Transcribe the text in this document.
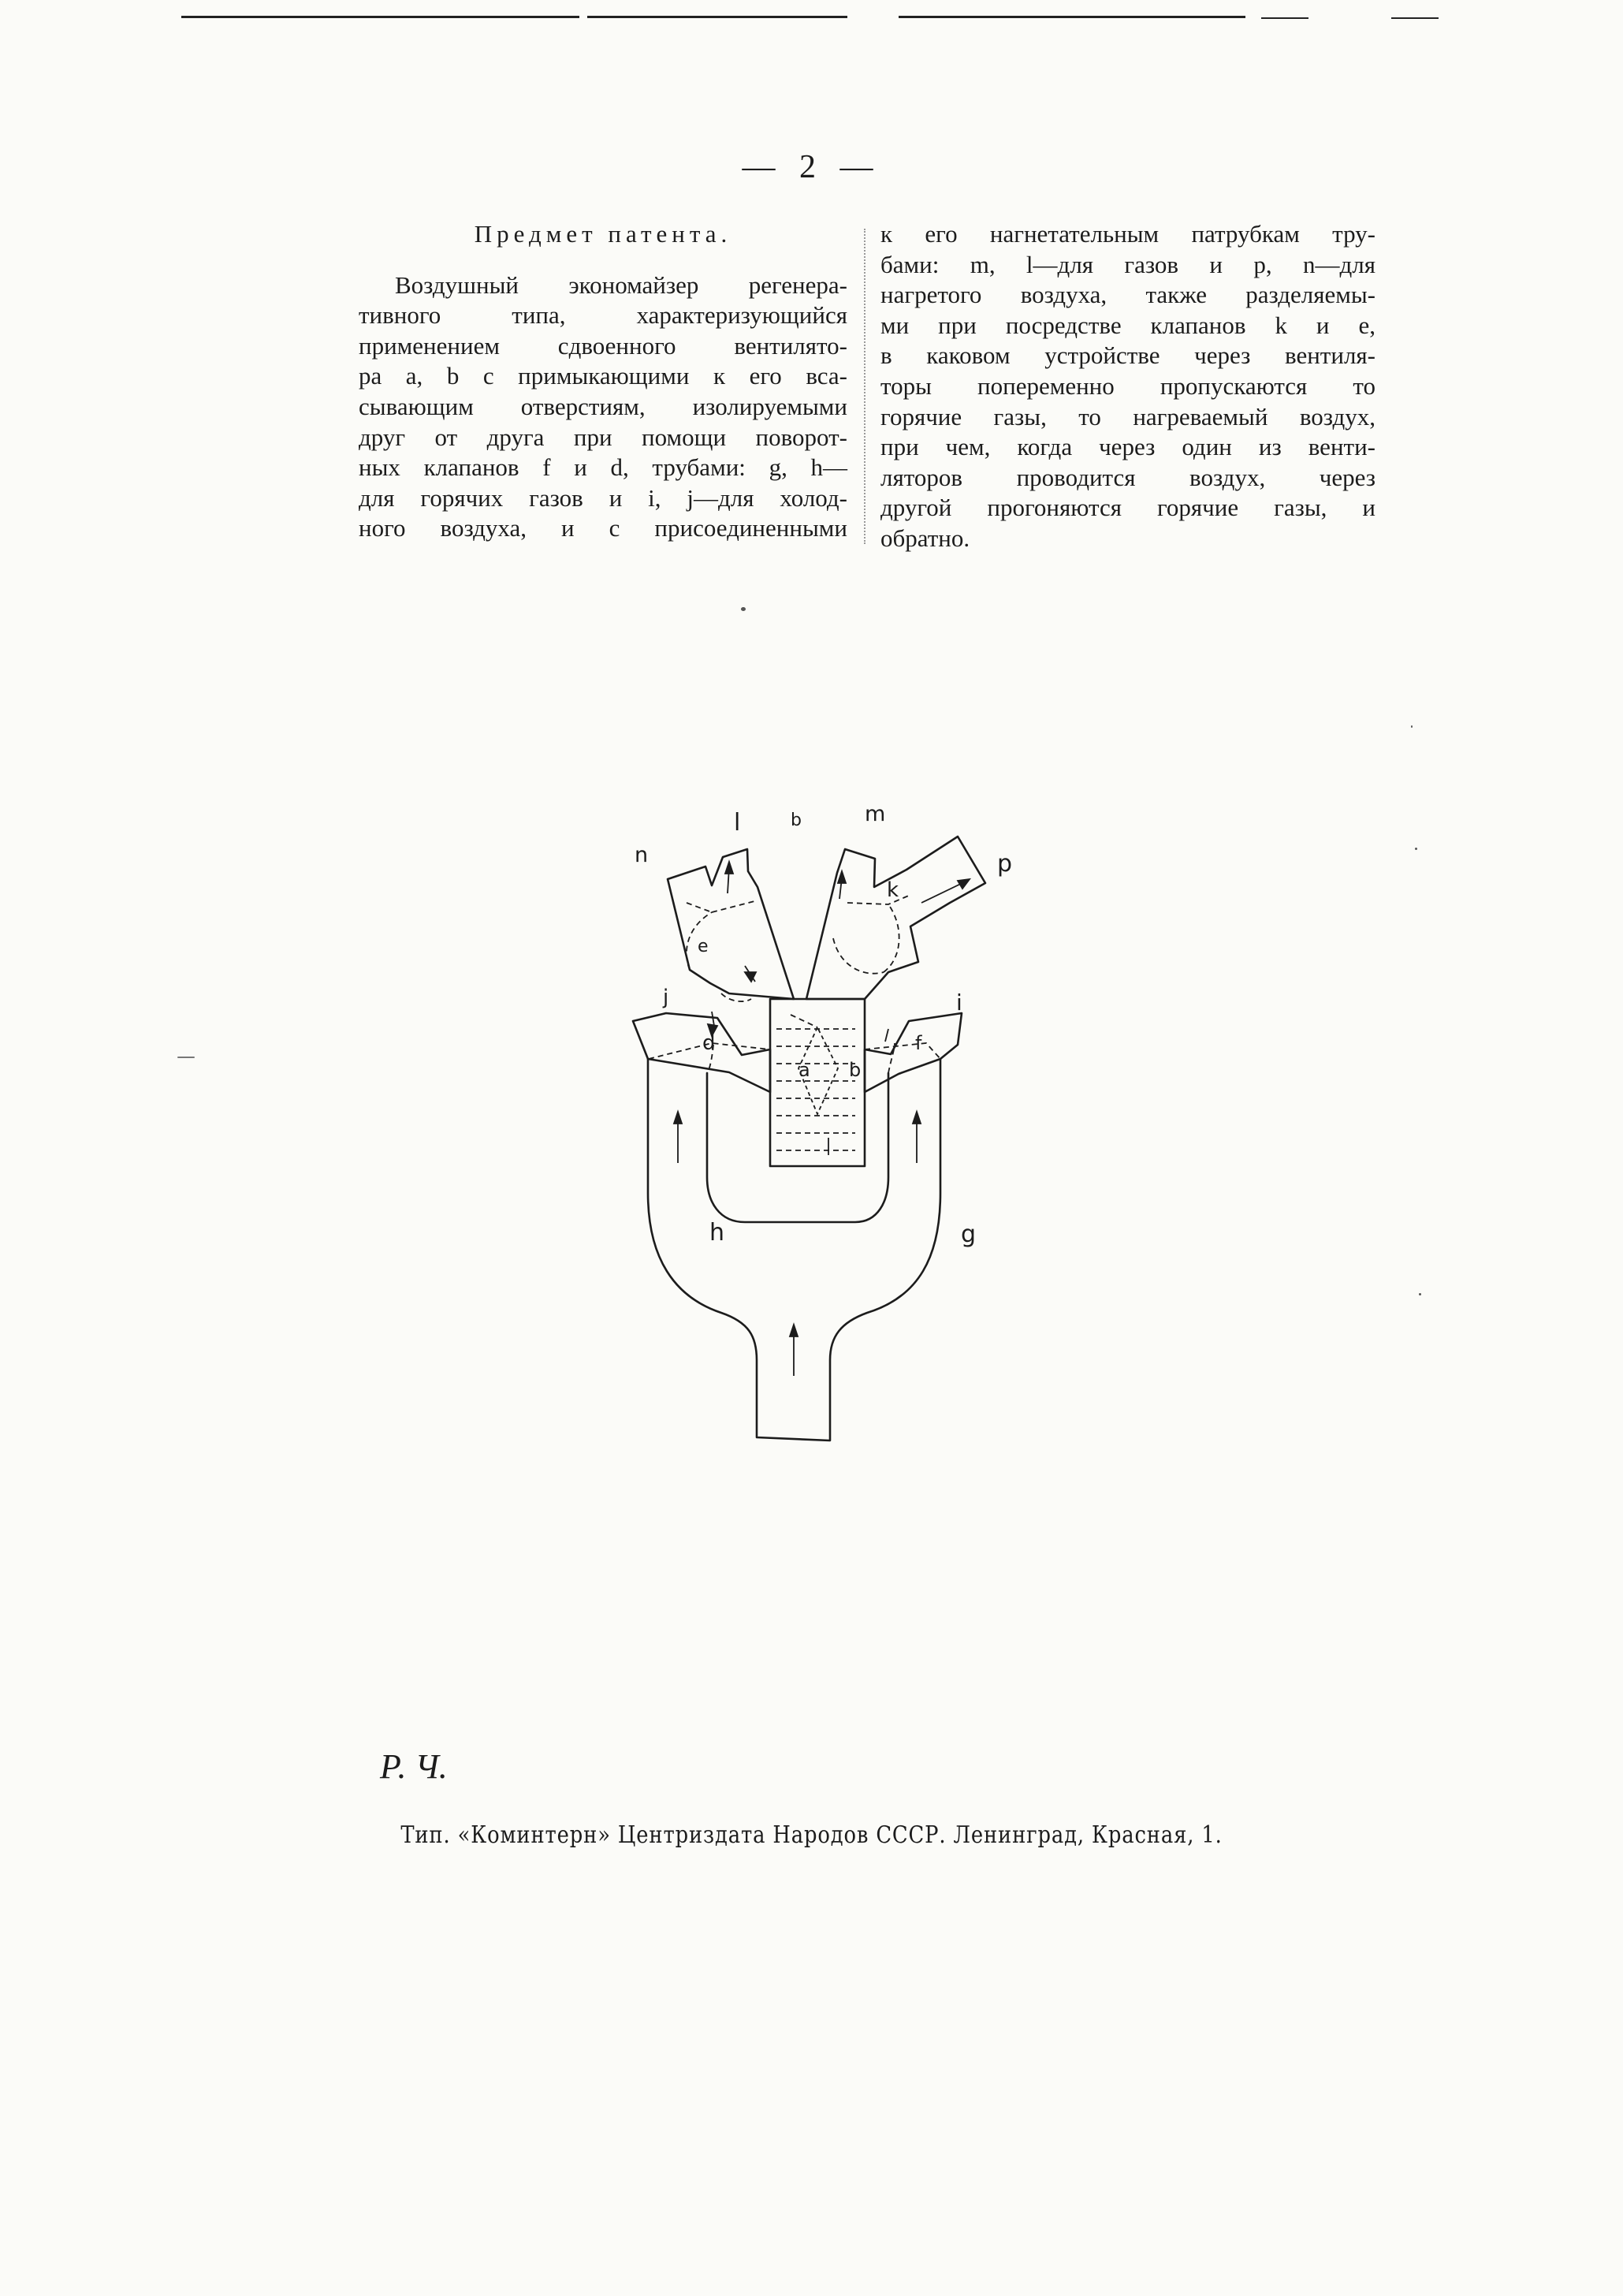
— 2 —
Предмет патента.
Воздушный экономайзер регенера-
тивного типа, характеризующийся
применением сдвоенного вентилято-
ра a, b с примыкающими к его вса-
сывающим отверстиям, изолируемыми
друг от друга при помощи поворот-
ных клапанов f и d, трубами: g, h—
для горячих газов и i, j—для холод-
ного воздуха, и с присоединенными
к его нагнетательным патрубкам тру-
бами: m, l—для газов и p, n—для
нагретого воздуха, также разделяемы-
ми при посредстве клапанов k и e,
в каковом устройстве через вентиля-
торы попеременно пропускаются то
горячие газы, то нагреваемый воздух,
при чем, когда через один из венти-
ляторов проводится воздух, через
другой прогоняются горячие газы, и
обратно.
n
l	b	m
p
e
k
j
d
a b
f
i
h	g
Р. Ч.
Тип. «Коминтерн» Центриздата Народов СССР. Ленинград, Красная, 1.
